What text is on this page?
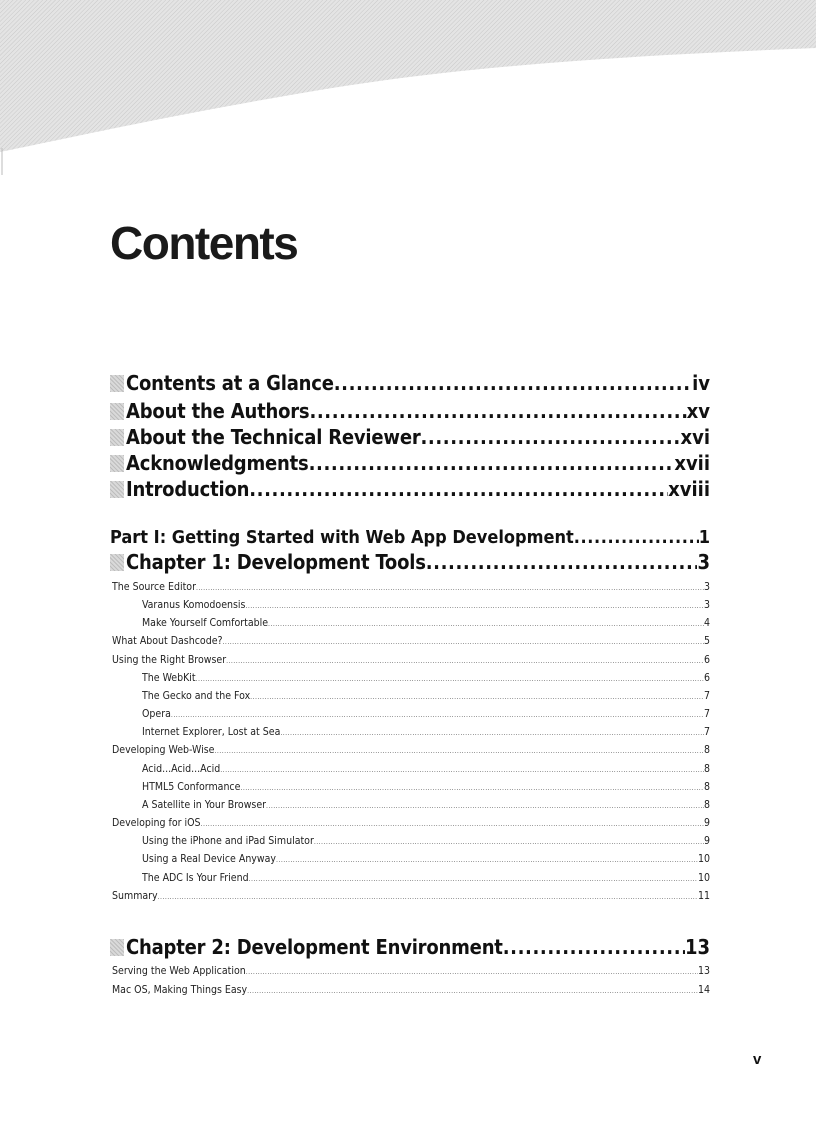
Contents
Contents at a Glance .....	iv
About the Authors .....	xv
About the Technical Reviewer .....	xvi
Acknowledgments .....	xvii
Introduction .....	xviii
Part I: Getting Started with Web App Development .....	1
Chapter 1: Development Tools .....	3
The Source Editor .....	3
Varanus Komodoensis .....	3
Make Yourself Comfortable .....	4
What About Dashcode? .....	5
Using the Right Browser .....	6
The WebKit .....	6
The Gecko and the Fox .....	7
Opera .....	7
Internet Explorer, Lost at Sea .....	7
Developing Web-Wise .....	8
Acid...Acid...Acid .....	8
HTML5 Conformance .....	8
A Satellite in Your Browser .....	8
Developing for iOS .....	9
Using the iPhone and iPad Simulator .....	9
Using a Real Device Anyway .....	10
The ADC Is Your Friend .....	10
Summary .....	11
Chapter 2: Development Environment .....	13
Serving the Web Application .....	13
Mac OS, Making Things Easy .....	14
v
